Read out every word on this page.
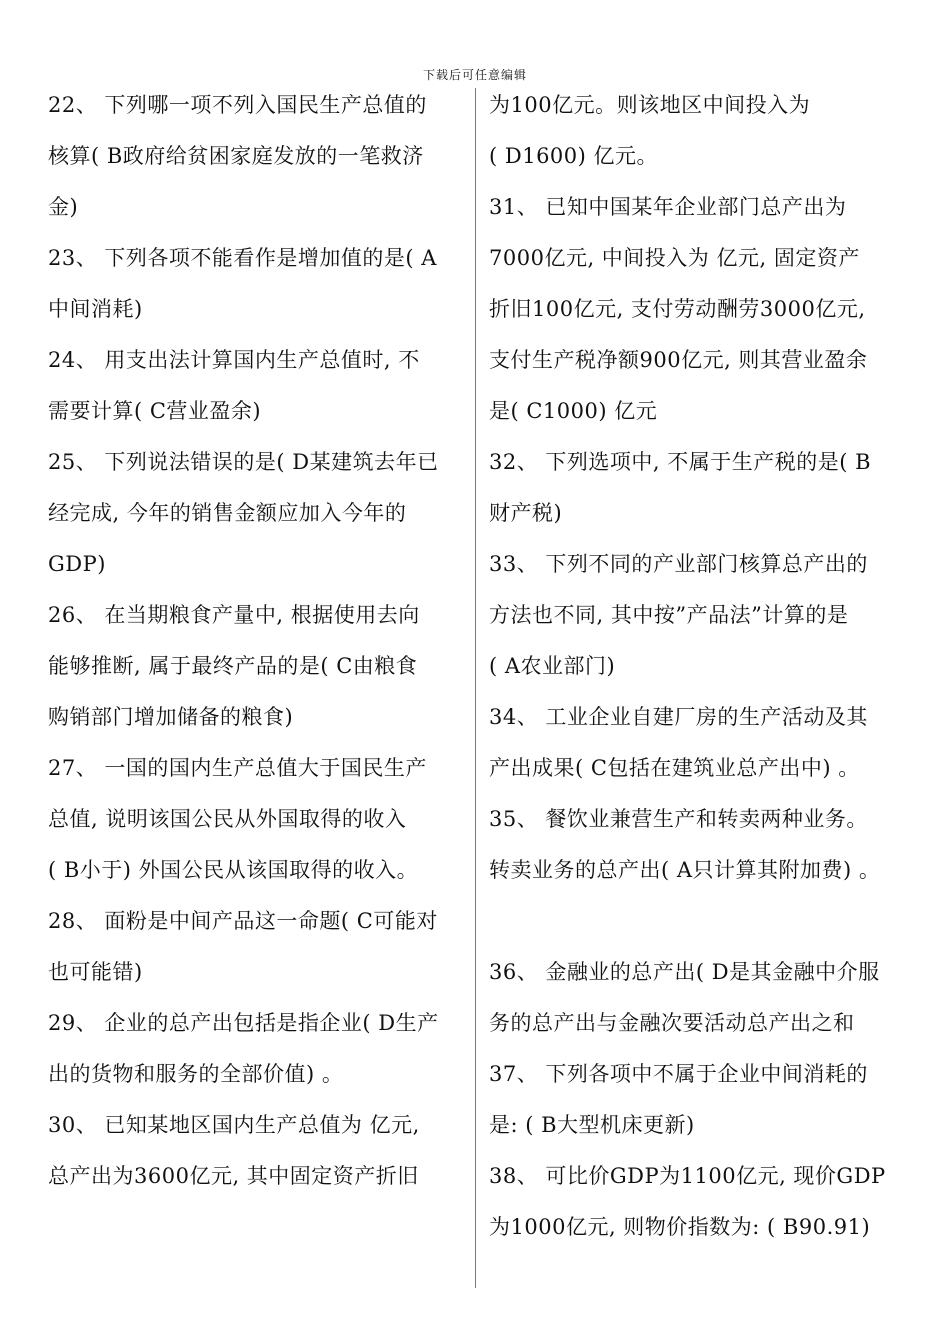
下载后可任意编辑
22、 下列哪一项不列入国民生产总值的
核算( B政府给贫困家庭发放的一笔救济
金)
23、 下列各项不能看作是增加值的是( A
中间消耗)
24、 用支出法计算国内生产总值时, 不
需要计算( C营业盈余)
25、 下列说法错误的是( D某建筑去年已
经完成, 今年的销售金额应加入今年的
GDP)
26、 在当期粮食产量中, 根据使用去向
能够推断, 属于最终产品的是( C由粮食
购销部门增加储备的粮食)
27、 一国的国内生产总值大于国民生产
总值, 说明该国公民从外国取得的收入
( B小于) 外国公民从该国取得的收入。
28、 面粉是中间产品这一命题( C可能对
也可能错)
29、 企业的总产出包括是指企业( D生产
出的货物和服务的全部价值) 。
30、 已知某地区国内生产总值为 亿元,
总产出为3600亿元, 其中固定资产折旧
为100亿元。则该地区中间投入为
( D1600) 亿元。
31、 已知中国某年企业部门总产出为
7000亿元, 中间投入为 亿元, 固定资产
折旧100亿元, 支付劳动酬劳3000亿元,
支付生产税净额900亿元, 则其营业盈余
是( C1000) 亿元
32、 下列选项中, 不属于生产税的是( B
财产税)
33、 下列不同的产业部门核算总产出的
方法也不同, 其中按”产品法”计算的是
( A农业部门)
34、 工业企业自建厂房的生产活动及其
产出成果( C包括在建筑业总产出中) 。
35、 餐饮业兼营生产和转卖两种业务。
转卖业务的总产出( A只计算其附加费) 。
36、 金融业的总产出( D是其金融中介服
务的总产出与金融次要活动总产出之和
37、 下列各项中不属于企业中间消耗的
是: ( B大型机床更新)
38、 可比价GDP为1100亿元, 现价GDP
为1000亿元, 则物价指数为: ( B90.91)
